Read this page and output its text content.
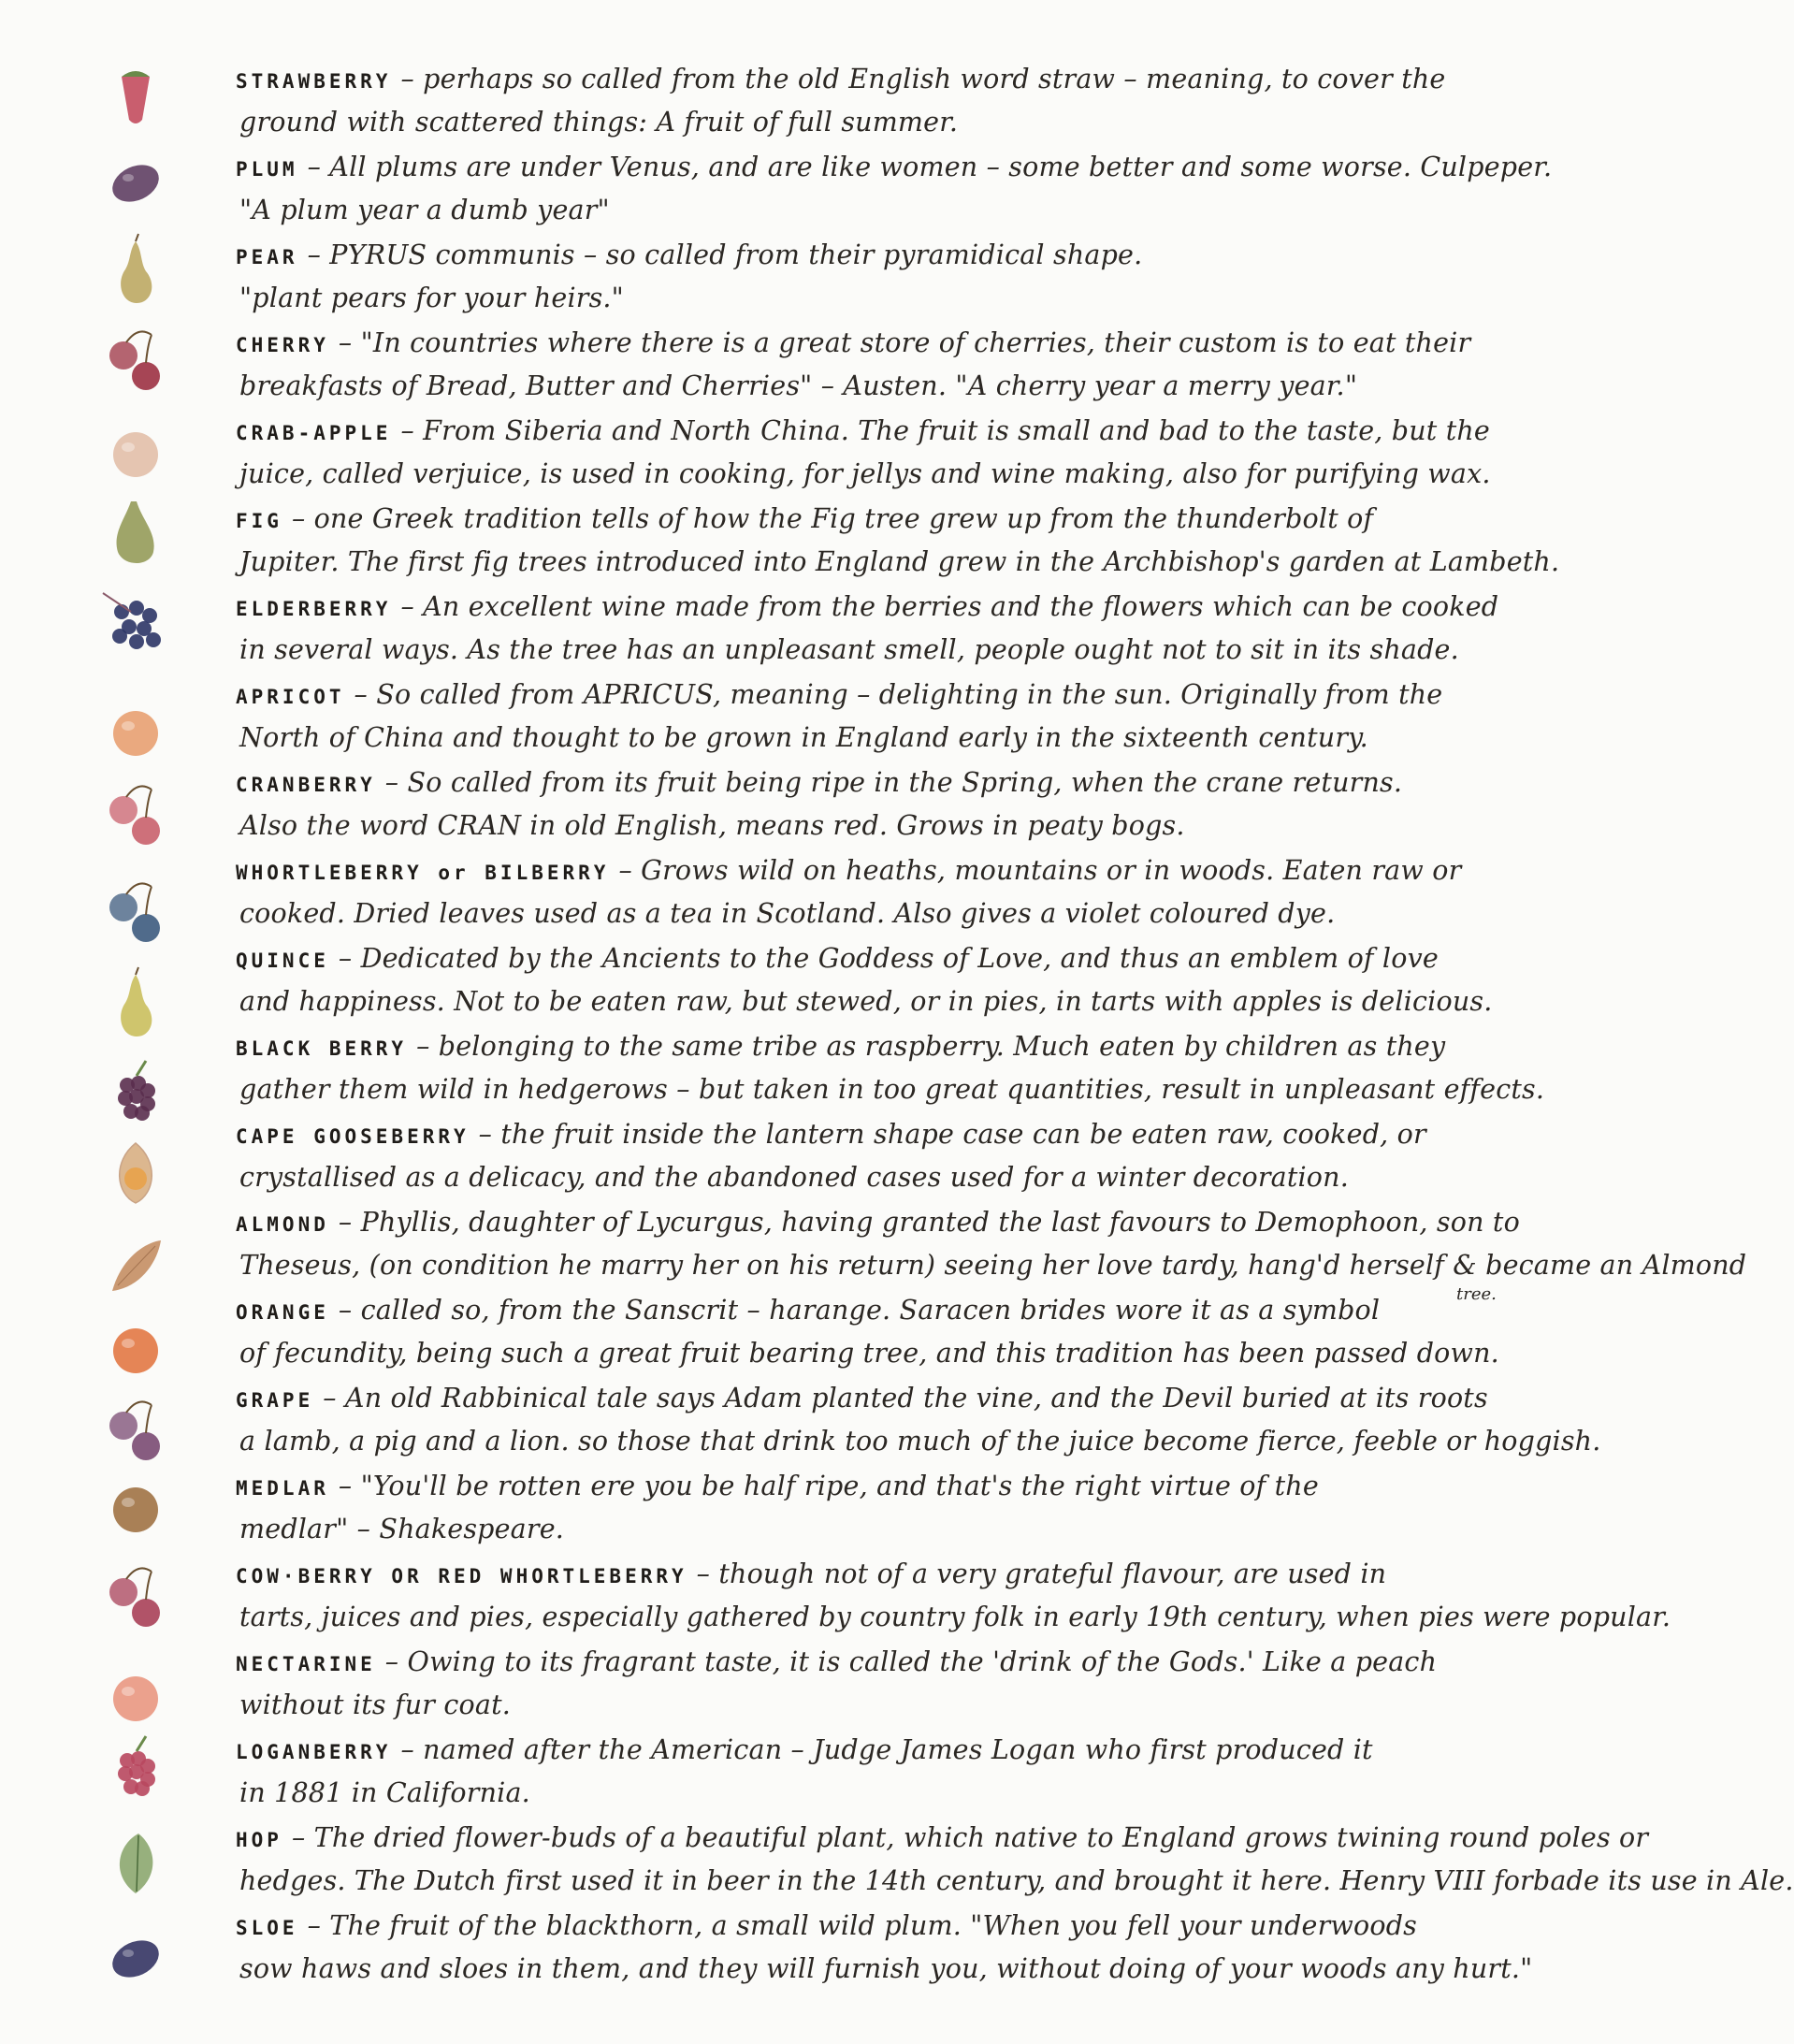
STRAWBERRY – perhaps so called from the old English word straw – meaning, to cover the
ground with scattered things: A fruit of full summer.
PLUM – All plums are under Venus, and are like women – some better and some worse. Culpeper.
"A plum year a dumb year"
PEAR – PYRUS communis – so called from their pyramidical shape.
"plant pears for your heirs."
CHERRY – "In countries where there is a great store of cherries, their custom is to eat their
breakfasts of Bread, Butter and Cherries" – Austen. "A cherry year a merry year."
CRAB-APPLE – From Siberia and North China. The fruit is small and bad to the taste, but the
juice, called verjuice, is used in cooking, for jellys and wine making, also for purifying wax.
FIG – one Greek tradition tells of how the Fig tree grew up from the thunderbolt of
Jupiter. The first fig trees introduced into England grew in the Archbishop's garden at Lambeth.
ELDERBERRY – An excellent wine made from the berries and the flowers which can be cooked
in several ways. As the tree has an unpleasant smell, people ought not to sit in its shade.
APRICOT – So called from APRICUS, meaning – delighting in the sun. Originally from the
North of China and thought to be grown in England early in the sixteenth century.
CRANBERRY – So called from its fruit being ripe in the Spring, when the crane returns.
Also the word CRAN in old English, means red. Grows in peaty bogs.
WHORTLEBERRY or BILBERRY – Grows wild on heaths, mountains or in woods. Eaten raw or
cooked. Dried leaves used as a tea in Scotland. Also gives a violet coloured dye.
QUINCE – Dedicated by the Ancients to the Goddess of Love, and thus an emblem of love
and happiness. Not to be eaten raw, but stewed, or in pies, in tarts with apples is delicious.
BLACK BERRY – belonging to the same tribe as raspberry. Much eaten by children as they
gather them wild in hedgerows – but taken in too great quantities, result in unpleasant effects.
CAPE GOOSEBERRY – the fruit inside the lantern shape case can be eaten raw, cooked, or
crystallised as a delicacy, and the abandoned cases used for a winter decoration.
ALMOND – Phyllis, daughter of Lycurgus, having granted the last favours to Demophoon, son to
Theseus, (on condition he marry her on his return) seeing her love tardy, hang'd herself & became an Almond
ORANGE – called so, from the Sanscrit – harange. Saracen brides wore it as a symbol
of fecundity, being such a great fruit bearing tree, and this tradition has been passed down.
GRAPE – An old Rabbinical tale says Adam planted the vine, and the Devil buried at its roots
a lamb, a pig and a lion. so those that drink too much of the juice become fierce, feeble or hoggish.
MEDLAR – "You'll be rotten ere you be half ripe, and that's the right virtue of the
medlar" – Shakespeare.
COW·BERRY OR RED WHORTLEBERRY – though not of a very grateful flavour, are used in
tarts, juices and pies, especially gathered by country folk in early 19th century, when pies were popular.
NECTARINE – Owing to its fragrant taste, it is called the 'drink of the Gods.' Like a peach
without its fur coat.
LOGANBERRY – named after the American – Judge James Logan who first produced it
in 1881 in California.
HOP – The dried flower-buds of a beautiful plant, which native to England grows twining round poles or
hedges. The Dutch first used it in beer in the 14th century, and brought it here. Henry VIII forbade its use in Ale.
SLOE – The fruit of the blackthorn, a small wild plum. "When you fell your underwoods
sow haws and sloes in them, and they will furnish you, without doing of your woods any hurt."
tree.
